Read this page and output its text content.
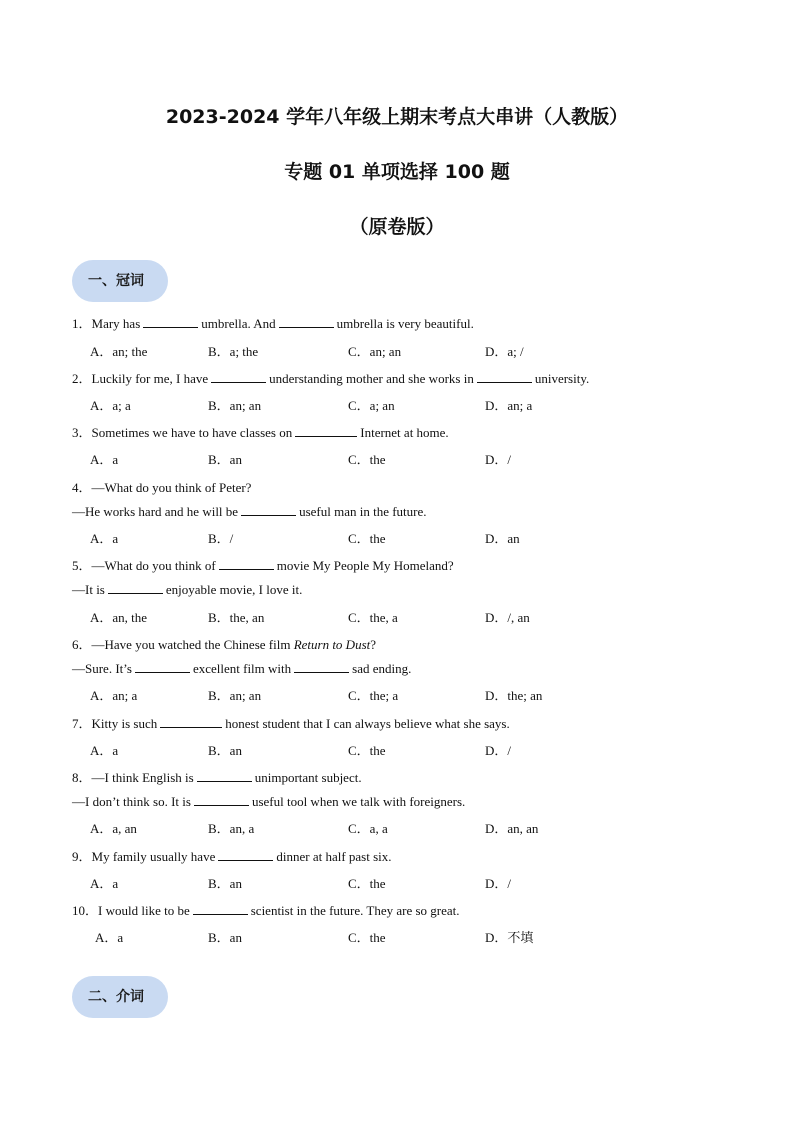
2023-2024 学年八年级上期末考点大串讲（人教版）
专题 01 单项选择 100 题
（原卷版）
一、冠词
1．Mary has	umbrella. And	umbrella is very beautiful.
A．an; the	B．a; the	C．an; an	D．a; /
2．Luckily for me, I have	understanding mother and she works in	university.
A．a; a	B．an; an	C．a; an	D．an; a
3．Sometimes we have to have classes on	Internet at home.
A．a	B．an	C．the	D．/
4．—What do you think of Peter?
—He works hard and he will be	useful man in the future.
A．a	B．/	C．the	D．an
5．—What do you think of	movie My People My Homeland?
—It is	enjoyable movie, I love it.
A．an, the	B．the, an	C．the, a	D．/, an
6．—Have you watched the Chinese film Return to Dust?
—Sure. It’s	excellent film with	sad ending.
A．an; a	B．an; an	C．the; a	D．the; an
7．Kitty is such	honest student that I can always believe what she says.
A．a	B．an	C．the	D．/
8．—I think English is	unimportant subject.
—I don’t think so. It is	useful tool when we talk with foreigners.
A．a, an	B．an, a	C．a, a	D．an, an
9．My family usually have	dinner at half past six.
A．a	B．an	C．the	D．/
10．I would like to be	scientist in the future. They are so great.
A．a	B．an	C．the	D．不填
二、介词
